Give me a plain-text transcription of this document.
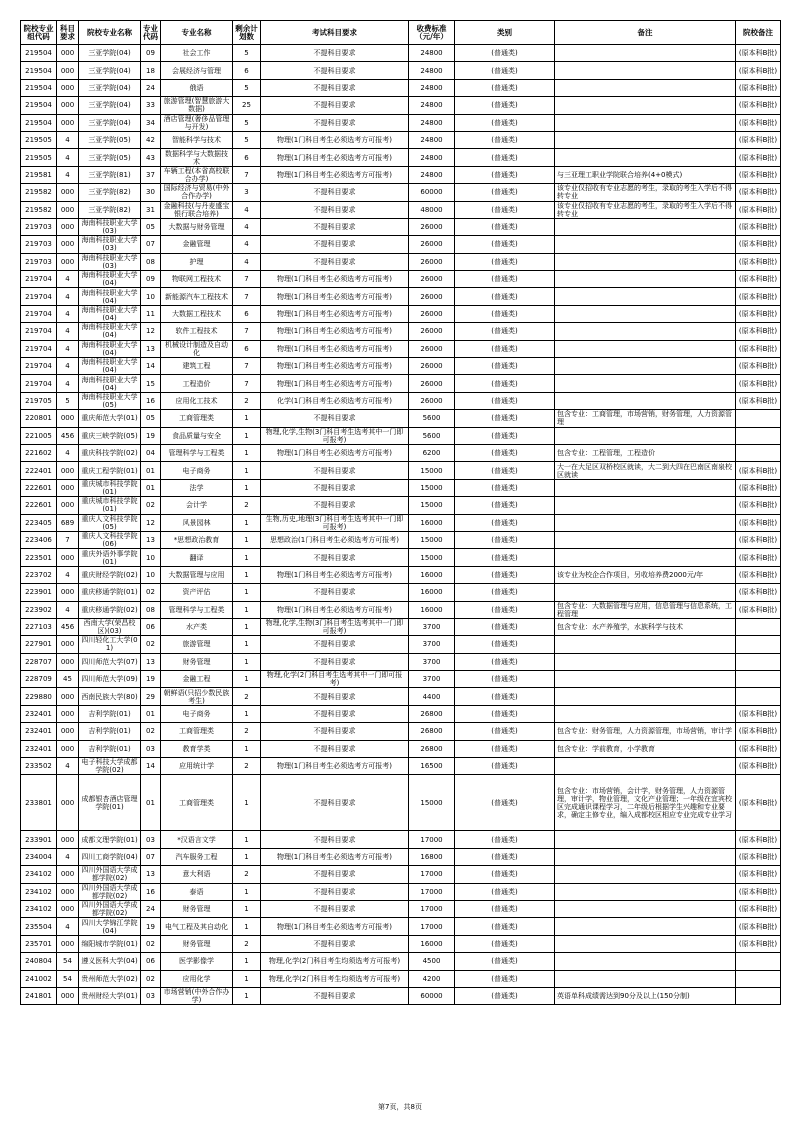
院校专业组代码	科目要求	院校专业名称	专业代码	专业名称	剩余计划数	考试科目要求	收费标准（元/年）	类别	备注	院校备注
219504	000	三亚学院(04)	09	社会工作	5	不提科目要求	24800	(普通类)		(原本科B批)
219504	000	三亚学院(04)	18	会展经济与管理	6	不提科目要求	24800	(普通类)		(原本科B批)
219504	000	三亚学院(04)	24	俄语	5	不提科目要求	24800	(普通类)		(原本科B批)
219504	000	三亚学院(04)	33	旅游管理(智慧旅游大数据)	25	不提科目要求	24800	(普通类)		(原本科B批)
219504	000	三亚学院(04)	34	酒店管理(奢侈品管理与开发)	5	不提科目要求	24800	(普通类)		(原本科B批)
219505	4	三亚学院(05)	42	智能科学与技术	5	物理(1门科目考生必须选考方可报考)	24800	(普通类)		(原本科B批)
219505	4	三亚学院(05)	43	数据科学与大数据技术	6	物理(1门科目考生必须选考方可报考)	24800	(普通类)		(原本科B批)
219581	4	三亚学院(81)	37	车辆工程(本省高校联合办学)	7	物理(1门科目考生必须选考方可报考)	24800	(普通类)	与三亚理工职业学院联合培养(4+0模式)	(原本科B批)
219582	000	三亚学院(82)	30	国际经济与贸易(中外合作办学)	3	不提科目要求	60000	(普通类)	该专业仅招收有专业志愿的考生，录取的考生入学后不得转专业	(原本科B批)
219582	000	三亚学院(82)	31	金融科技(与丹麦盛宝银行联合培养)	4	不提科目要求	48000	(普通类)	该专业仅招收有专业志愿的考生，录取的考生入学后不得转专业	(原本科B批)
219703	000	海南科技职业大学(03)	05	大数据与财务管理	4	不提科目要求	26000	(普通类)		(原本科B批)
219703	000	海南科技职业大学(03)	07	金融管理	4	不提科目要求	26000	(普通类)		(原本科B批)
219703	000	海南科技职业大学(03)	08	护理	4	不提科目要求	26000	(普通类)		(原本科B批)
219704	4	海南科技职业大学(04)	09	物联网工程技术	7	物理(1门科目考生必须选考方可报考)	26000	(普通类)		(原本科B批)
219704	4	海南科技职业大学(04)	10	新能源汽车工程技术	7	物理(1门科目考生必须选考方可报考)	26000	(普通类)		(原本科B批)
219704	4	海南科技职业大学(04)	11	大数据工程技术	6	物理(1门科目考生必须选考方可报考)	26000	(普通类)		(原本科B批)
219704	4	海南科技职业大学(04)	12	软件工程技术	7	物理(1门科目考生必须选考方可报考)	26000	(普通类)		(原本科B批)
219704	4	海南科技职业大学(04)	13	机械设计制造及自动化	6	物理(1门科目考生必须选考方可报考)	26000	(普通类)		(原本科B批)
219704	4	海南科技职业大学(04)	14	建筑工程	7	物理(1门科目考生必须选考方可报考)	26000	(普通类)		(原本科B批)
219704	4	海南科技职业大学(04)	15	工程造价	7	物理(1门科目考生必须选考方可报考)	26000	(普通类)		(原本科B批)
219705	5	海南科技职业大学(05)	16	应用化工技术	2	化学(1门科目考生必须选考方可报考)	26000	(普通类)		(原本科B批)
220801	000	重庆师范大学(01)	05	工商管理类	1	不提科目要求	5600	(普通类)	包含专业：工商管理，市场营销，财务管理，人力资源管理	
221005	456	重庆三峡学院(05)	19	食品质量与安全	1	物理,化学,生物(3门科目考生选考其中一门即可报考)	5600	(普通类)		
221602	4	重庆科技学院(02)	04	管理科学与工程类	1	物理(1门科目考生必须选考方可报考)	6200	(普通类)	包含专业：工程管理，工程造价	
222401	000	重庆工程学院(01)	01	电子商务	1	不提科目要求	15000	(普通类)	大一在大足区双桥校区就读，大二到大四在巴南区南泉校区就读	(原本科B批)
222601	000	重庆城市科技学院(01)	01	法学	1	不提科目要求	15000	(普通类)		(原本科B批)
222601	000	重庆城市科技学院(01)	02	会计学	2	不提科目要求	15000	(普通类)		(原本科B批)
223405	689	重庆人文科技学院(05)	12	风景园林	1	生物,历史,地理(3门科目考生选考其中一门即可报考)	16000	(普通类)		(原本科B批)
223406	7	重庆人文科技学院(06)	13	*思想政治教育	1	思想政治(1门科目考生必须选考方可报考)	15000	(普通类)		(原本科B批)
223501	000	重庆外语外事学院(01)	10	翻译	1	不提科目要求	15000	(普通类)		(原本科B批)
223702	4	重庆财经学院(02)	10	大数据管理与应用	1	物理(1门科目考生必须选考方可报考)	16000	(普通类)	该专业为校企合作项目，另收培养费2000元/年	(原本科B批)
223901	000	重庆移通学院(01)	02	资产评估	1	不提科目要求	16000	(普通类)		(原本科B批)
223902	4	重庆移通学院(02)	08	管理科学与工程类	1	物理(1门科目考生必须选考方可报考)	16000	(普通类)	包含专业：大数据管理与应用，信息管理与信息系统，工程管理	(原本科B批)
227103	456	西南大学(荣昌校区)(03)	06	水产类	1	物理,化学,生物(3门科目考生选考其中一门即可报考)	3700	(普通类)	包含专业：水产养殖学，水族科学与技术	
227901	000	四川轻化工大学(01)	02	旅游管理	1	不提科目要求	3700	(普通类)		
228707	000	四川师范大学(07)	13	财务管理	1	不提科目要求	3700	(普通类)		
228709	45	四川师范大学(09)	19	金融工程	1	物理,化学(2门科目考生选考其中一门即可报考)	3700	(普通类)		
229880	000	西南民族大学(80)	29	朝鲜语(只招少数民族考生)	2	不提科目要求	4400	(普通类)		
232401	000	吉利学院(01)	01	电子商务	1	不提科目要求	26800	(普通类)		(原本科B批)
232401	000	吉利学院(01)	02	工商管理类	2	不提科目要求	26800	(普通类)	包含专业：财务管理，人力资源管理，市场营销，审计学	(原本科B批)
232401	000	吉利学院(01)	03	教育学类	1	不提科目要求	26800	(普通类)	包含专业：学前教育，小学教育	(原本科B批)
233502	4	电子科技大学成都学院(02)	14	应用统计学	2	物理(1门科目考生必须选考方可报考)	16500	(普通类)		(原本科B批)
233801	000	成都银杏酒店管理学院(01)	01	工商管理类	1	不提科目要求	15000	(普通类)	包含专业：市场营销，会计学，财务管理，人力资源管理，审计学，物业管理，文化产业管理；一年级在宜宾校区完成通识课程学习，二年级后根据学生兴趣和专业要求，确定主修专业，编入成都校区相应专业完成专业学习	(原本科B批)
233901	000	成都文理学院(01)	03	*汉语言文学	1	不提科目要求	17000	(普通类)		(原本科B批)
234004	4	四川工商学院(04)	07	汽车服务工程	1	物理(1门科目考生必须选考方可报考)	16800	(普通类)		(原本科B批)
234102	000	四川外国语大学成都学院(02)	13	意大利语	2	不提科目要求	17000	(普通类)		(原本科B批)
234102	000	四川外国语大学成都学院(02)	16	泰语	1	不提科目要求	17000	(普通类)		(原本科B批)
234102	000	四川外国语大学成都学院(02)	24	财务管理	1	不提科目要求	17000	(普通类)		(原本科B批)
235504	4	四川大学锦江学院(04)	19	电气工程及其自动化	1	物理(1门科目考生必须选考方可报考)	17000	(普通类)		(原本科B批)
235701	000	绵阳城市学院(01)	02	财务管理	2	不提科目要求	16000	(普通类)		(原本科B批)
240804	54	遵义医科大学(04)	06	医学影像学	1	物理,化学(2门科目考生均须选考方可报考)	4500	(普通类)		
241002	54	贵州师范大学(02)	02	应用化学	1	物理,化学(2门科目考生均须选考方可报考)	4200	(普通类)		
241801	000	贵州财经大学(01)	03	市场营销(中外合作办学)	1	不提科目要求	60000	(普通类)	英语单科成绩需达到90分及以上(150分制)	
第7页，共8页
